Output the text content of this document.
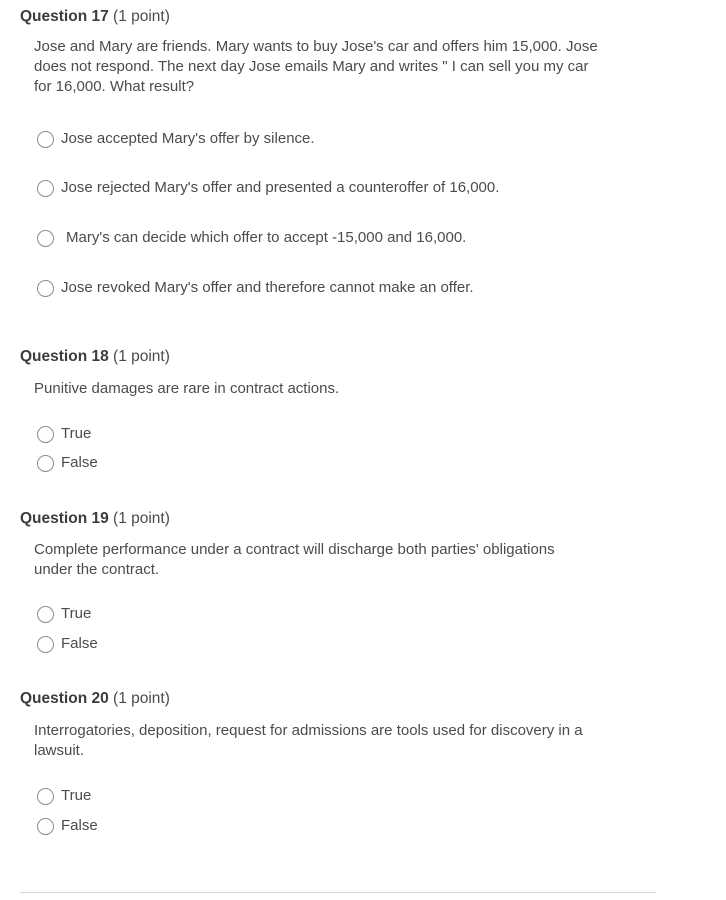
Question 17 (1 point)
Jose and Mary are friends. Mary wants to buy Jose's car and offers him 15,000. Jose
does not respond. The next day Jose emails Mary and writes " I can sell you my car
for 16,000. What result?
Jose accepted Mary's offer by silence.
Jose rejected Mary's offer and presented a counteroffer of 16,000.
Mary's can decide which offer to accept -15,000 and 16,000.
Jose revoked Mary's offer and therefore cannot make an offer.
Question 18 (1 point)
Punitive damages are rare in contract actions.
True
False
Question 19 (1 point)
Complete performance under a contract will discharge both parties' obligations
under the contract.
True
False
Question 20 (1 point)
Interrogatories, deposition, request for admissions are tools used for discovery in a
lawsuit.
True
False
